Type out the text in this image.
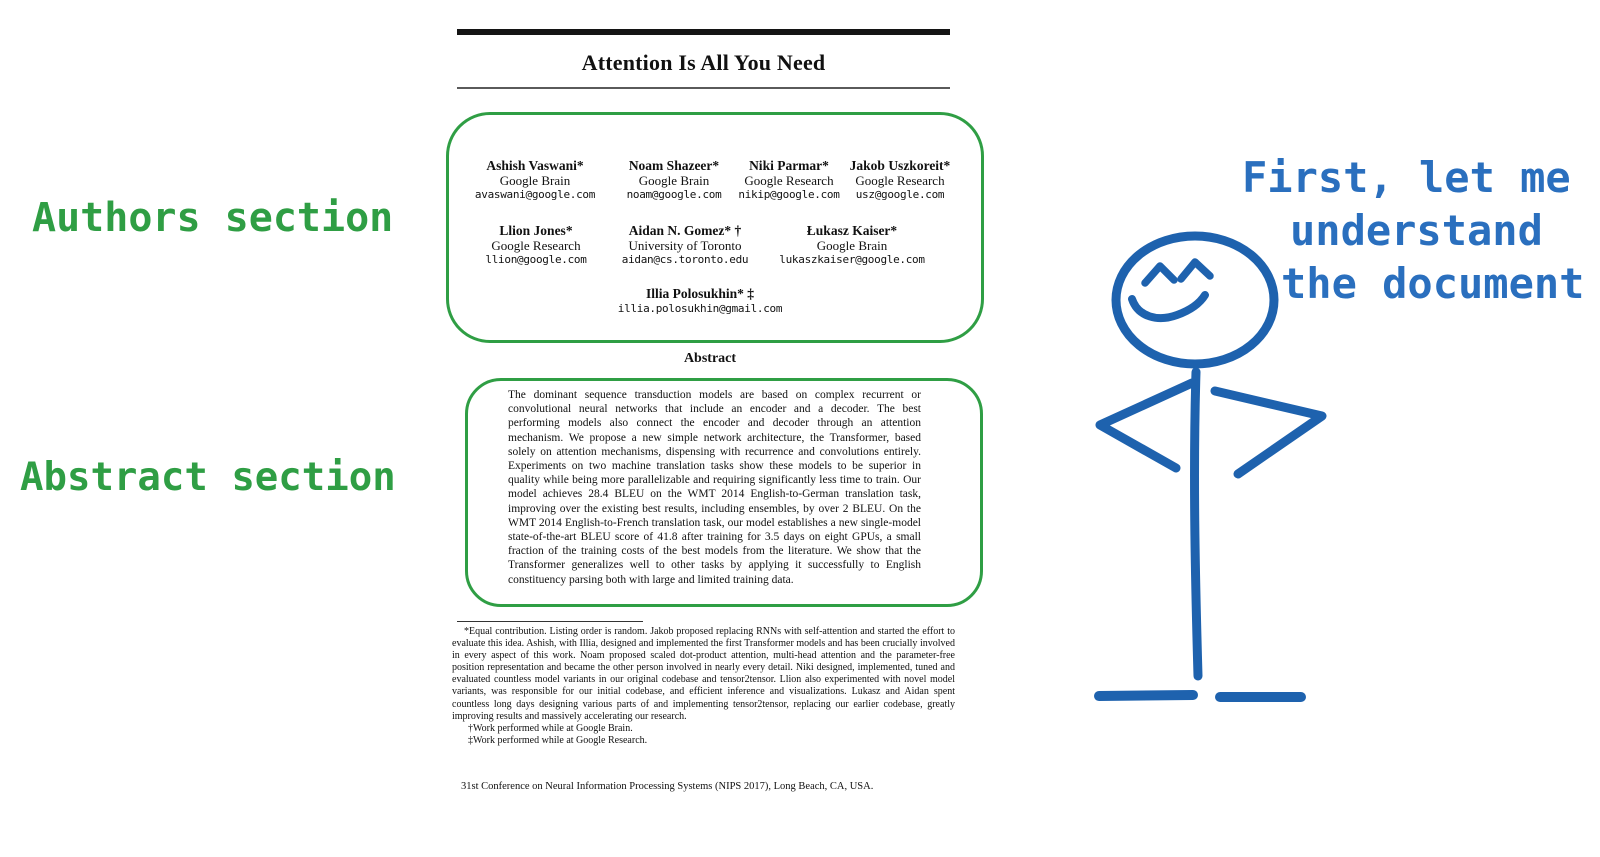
Attention Is All You Need
Ashish Vaswani*
Google Brain
avaswani@google.com
Noam Shazeer*
Google Brain
noam@google.com
Niki Parmar*
Google Research
nikip@google.com
Jakob Uszkoreit*
Google Research
usz@google.com
Llion Jones*
Google Research
llion@google.com
Aidan N. Gomez* †
University of Toronto
aidan@cs.toronto.edu
Łukasz Kaiser*
Google Brain
lukaszkaiser@google.com
Illia Polosukhin* ‡
illia.polosukhin@gmail.com
Abstract
The dominant sequence transduction models are based on complex recurrent or convolutional neural networks that include an encoder and a decoder. The best performing models also connect the encoder and decoder through an attention mechanism. We propose a new simple network architecture, the Transformer, based solely on attention mechanisms, dispensing with recurrence and convolutions entirely. Experiments on two machine translation tasks show these models to be superior in quality while being more parallelizable and requiring significantly less time to train. Our model achieves 28.4 BLEU on the WMT 2014 English-to-German translation task, improving over the existing best results, including ensembles, by over 2 BLEU. On the WMT 2014 English-to-French translation task, our model establishes a new single-model state-of-the-art BLEU score of 41.8 after training for 3.5 days on eight GPUs, a small fraction of the training costs of the best models from the literature. We show that the Transformer generalizes well to other tasks by applying it successfully to English constituency parsing both with large and limited training data.

*Equal contribution. Listing order is random. Jakob proposed replacing RNNs with self-attention and started the effort to evaluate this idea. Ashish, with Illia, designed and implemented the first Transformer models and has been crucially involved in every aspect of this work. Noam proposed scaled dot-product attention, multi-head attention and the parameter-free position representation and became the other person involved in nearly every detail. Niki designed, implemented, tuned and evaluated countless model variants in our original codebase and tensor2tensor. Llion also experimented with novel model variants, was responsible for our initial codebase, and efficient inference and visualizations. Lukasz and Aidan spent countless long days designing various parts of and implementing tensor2tensor, replacing our earlier codebase, greatly improving results and massively accelerating our research.

†Work performed while at Google Brain.

‡Work performed while at Google Research.

31st Conference on Neural Information Processing Systems (NIPS 2017), Long Beach, CA, USA.
Authors section
Abstract section
First, let me
understand
the document
